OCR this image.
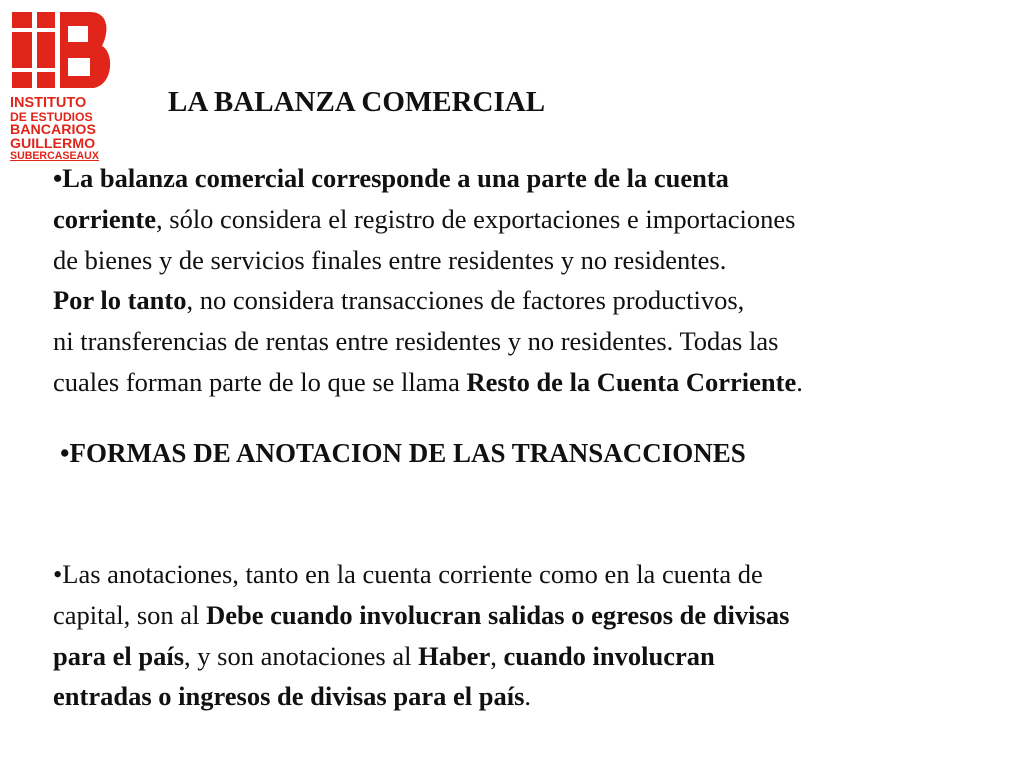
INSTITUTO
DE ESTUDIOS
BANCARIOS
GUILLERMO
SUBERCASEAUX
LA BALANZA COMERCIAL
•La balanza comercial corresponde a una parte de la cuenta
corriente, sólo considera el registro de exportaciones e importaciones
de bienes y de servicios finales entre residentes y no residentes.
Por lo tanto, no considera transacciones de factores productivos,
ni transferencias de rentas entre residentes y no residentes. Todas las
cuales forman parte de lo que se llama Resto de la Cuenta Corriente.
•FORMAS DE ANOTACION DE LAS TRANSACCIONES
•Las anotaciones, tanto en la cuenta corriente como en la cuenta de
capital, son al Debe cuando involucran salidas o egresos de divisas
para el país, y son anotaciones al Haber, cuando involucran
entradas o ingresos de divisas para el país.
